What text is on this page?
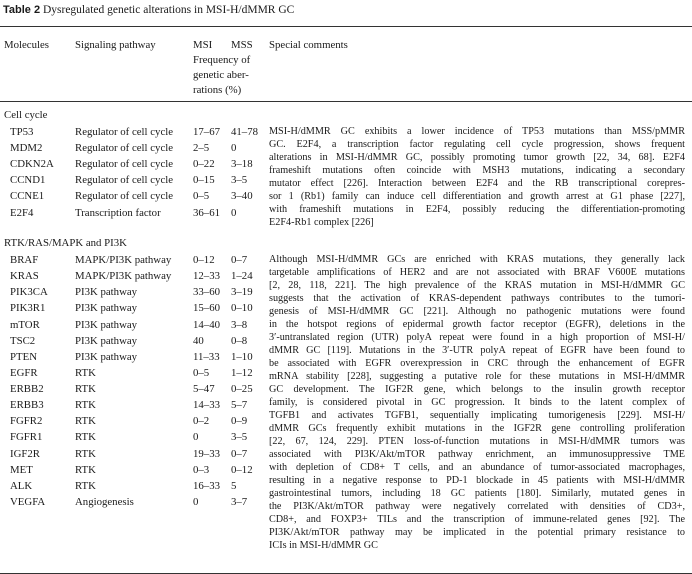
Table 2 Dysregulated genetic alterations in MSI-H/dMMR GC
Molecules Signaling pathway	MSI MSS Special comments
Frequency of
genetic aber-
rations (%)
Cell cycle
TP53	Regulator of cell cycle 17–67 41–78
MDM2	Regulator of cell cycle 2–5 0
CDKN2A Regulator of cell cycle 0–22 3–18
CCND1	Regulator of cell cycle 0–15 3–5
CCNE1	Regulator of cell cycle 0–5 3–40
E2F4	Transcription factor	36–61 0
MSI-H/dMMR GC exhibits a lower incidence of TP53 mutations than MSS/pMMR
GC. E2F4, a transcription factor regulating cell cycle progression, shows frequent
alterations in MSI-H/dMMR GC, possibly promoting tumor growth [22, 34, 68]. E2F4
frameshift mutations often coincide with MSH3 mutations, indicating a secondary
mutator effect [226]. Interaction between E2F4 and the RB transcriptional corepres-
sor 1 (Rb1) family can induce cell differentiation and growth arrest at G1 phase [227],
with frameshift mutations in E2F4, possibly reducing the differentiation-promoting
E2F4-Rb1 complex [226]
RTK/RAS/MAPK and PI3K
BRAF	MAPK/PI3K pathway 0–12 0–7
KRAS	MAPK/PI3K pathway 12–33 1–24
PIK3CA	PI3K pathway	33–60 3–19
PIK3R1	PI3K pathway	15–60 0–10
mTOR	PI3K pathway	14–40 3–8
TSC2	PI3K pathway	40	0–8
PTEN	PI3K pathway	11–33 1–10
EGFR	RTK	0–5 1–12
ERBB2	RTK	5–47 0–25
ERBB3	RTK	14–33 5–7
FGFR2	RTK	0–2 0–9
FGFR1	RTK	0	3–5
IGF2R	RTK	19–33 0–7
MET	RTK	0–3 0–12
ALK	RTK	16–33 5
VEGFA	Angiogenesis	0	3–7
Although MSI-H/dMMR GCs are enriched with KRAS mutations, they generally lack
targetable amplifications of HER2 and are not associated with BRAF V600E mutations
[2, 28, 118, 221]. The high prevalence of the KRAS mutation in MSI-H/dMMR GC
suggests that the activation of KRAS-dependent pathways contributes to the tumori-
genesis of MSI-H/dMMR GC [221]. Although no pathogenic mutations were found
in the hotspot regions of epidermal growth factor receptor (EGFR), deletions in the
3′-untranslated region (UTR) polyA repeat were found in a high proportion of MSI-H/
dMMR GC [119]. Mutations in the 3′-UTR polyA repeat of EGFR have been found to
be associated with EGFR overexpression in CRC through the enhancement of EGFR
mRNA stability [228], suggesting a putative role for these mutations in MSI-H/dMMR
GC development. The IGF2R gene, which belongs to the insulin growth receptor
family, is considered pivotal in GC progression. It binds to the latent complex of
TGFB1 and activates TGFB1, sequentially implicating tumorigenesis [229]. MSI-H/
dMMR GCs frequently exhibit mutations in the IGF2R gene controlling proliferation
[22, 67, 124, 229]. PTEN loss-of-function mutations in MSI-H/dMMR tumors was
associated with PI3K/Akt/mTOR pathway enrichment, an immunosuppressive TME
with depletion of CD8+ T cells, and an abundance of tumor-associated macrophages,
resulting in a negative response to PD-1 blockade in 45 patients with MSI-H/dMMR
gastrointestinal tumors, including 18 GC patients [180]. Similarly, mutated genes in
the PI3K/Akt/mTOR pathway were negatively correlated with densities of CD3+,
CD8+, and FOXP3+ TILs and the transcription of immune-related genes [92]. The
PI3K/Akt/mTOR pathway may be implicated in the potential primary resistance to
ICIs in MSI-H/dMMR GC
